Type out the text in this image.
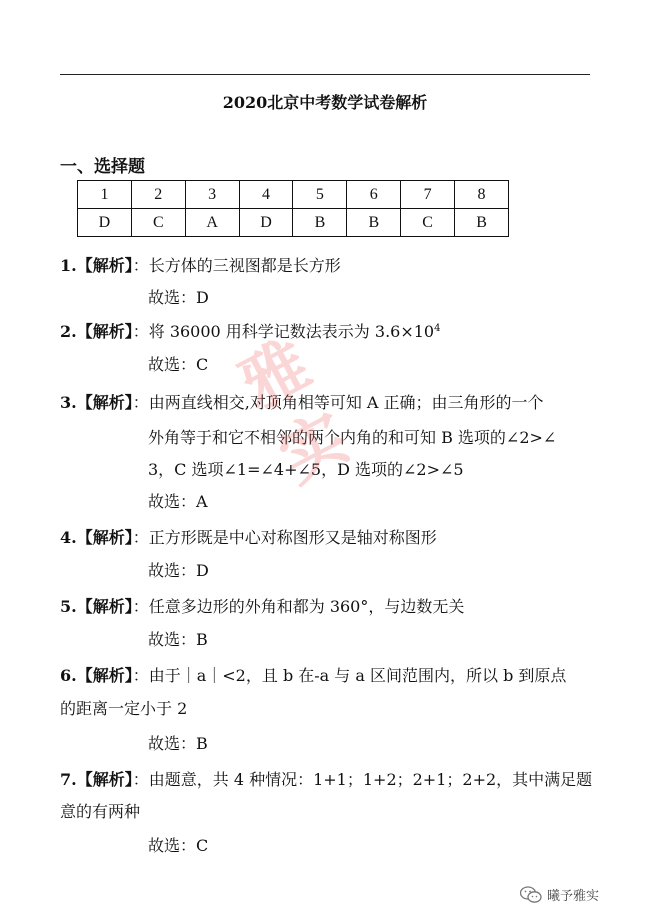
2020北京中考数学试卷解析
一、选择题
1	2	3	4	5	6	7	8
D	C	A	D	B	B	C	B
1.【解析】：长方体的三视图都是长方形
故选：D
2.【解析】：将 36000 用科学记数法表示为 $3.6\times 10^4$
故选：C
3.【解析】：由两直线相交,对顶角相等可知 A 正确；由三角形的一个
外角等于和它不相邻的两个内角的和可知 B 选项的∠2>∠
3，C 选项∠1=∠4+∠5，D 选项的∠2>∠5
故选：A
4.【解析】：正方形既是中心对称图形又是轴对称图形
故选：D
5.【解析】：任意多边形的外角和都为 360°，与边数无关
故选：B
6.【解析】：由于｜a｜<2，且 b 在-a 与 a 区间范围内，所以 b 到原点
的距离一定小于 2
故选：B
7.【解析】：由题意，共 4 种情况：1+1；1+2；2+1；2+2，其中满足题
意的有两种
故选：C
雅实
曦予雅实
